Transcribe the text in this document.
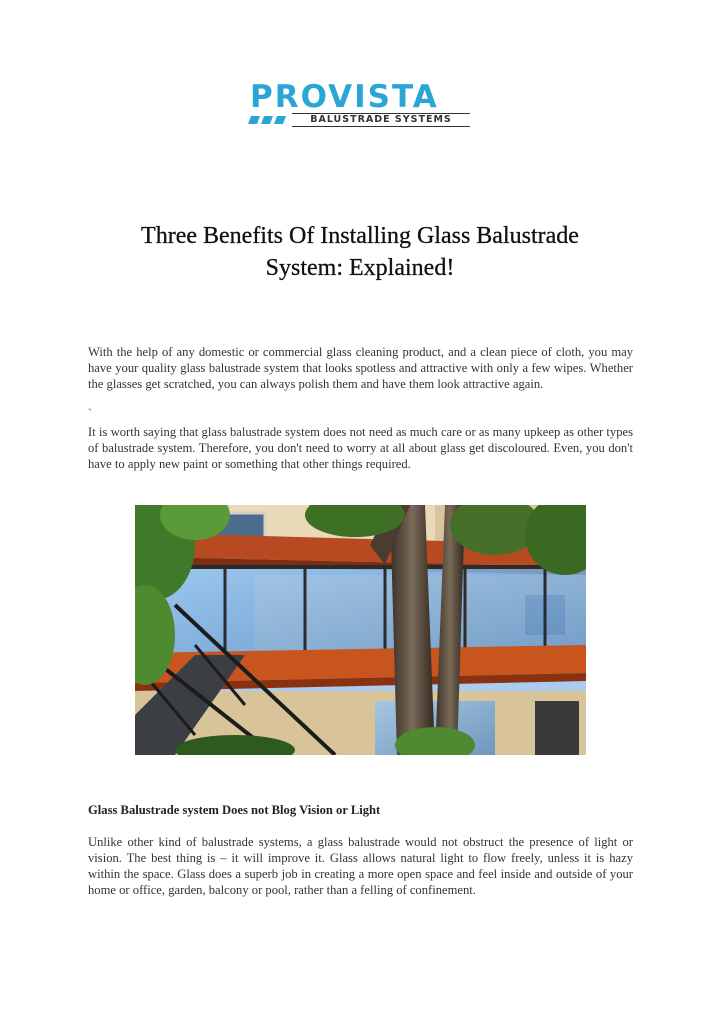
PROVISTA
BALUSTRADE SYSTEMS
Three Benefits Of Installing Glass Balustrade
System: Explained!
With the help of any domestic or commercial glass cleaning product, and a clean piece of cloth, you may have your quality glass balustrade system that looks spotless and attractive with only a few wipes. Whether the glasses get scratched, you can always polish them and have them look attractive again.
`
It is worth saying that glass balustrade system does not need as much care or as many upkeep as other types of balustrade system. Therefore, you don't need to worry at all about glass get discoloured. Even, you don't have to apply new paint or something that other things required.
Glass Balustrade system Does not Blog Vision or Light
Unlike other kind of balustrade systems, a glass balustrade would not obstruct the presence of light or vision. The best thing is – it will improve it. Glass allows natural light to flow freely, unless it is hazy within the space. Glass does a superb job in creating a more open space and feel inside and outside of your home or office, garden, balcony or pool, rather than a felling of confinement.
